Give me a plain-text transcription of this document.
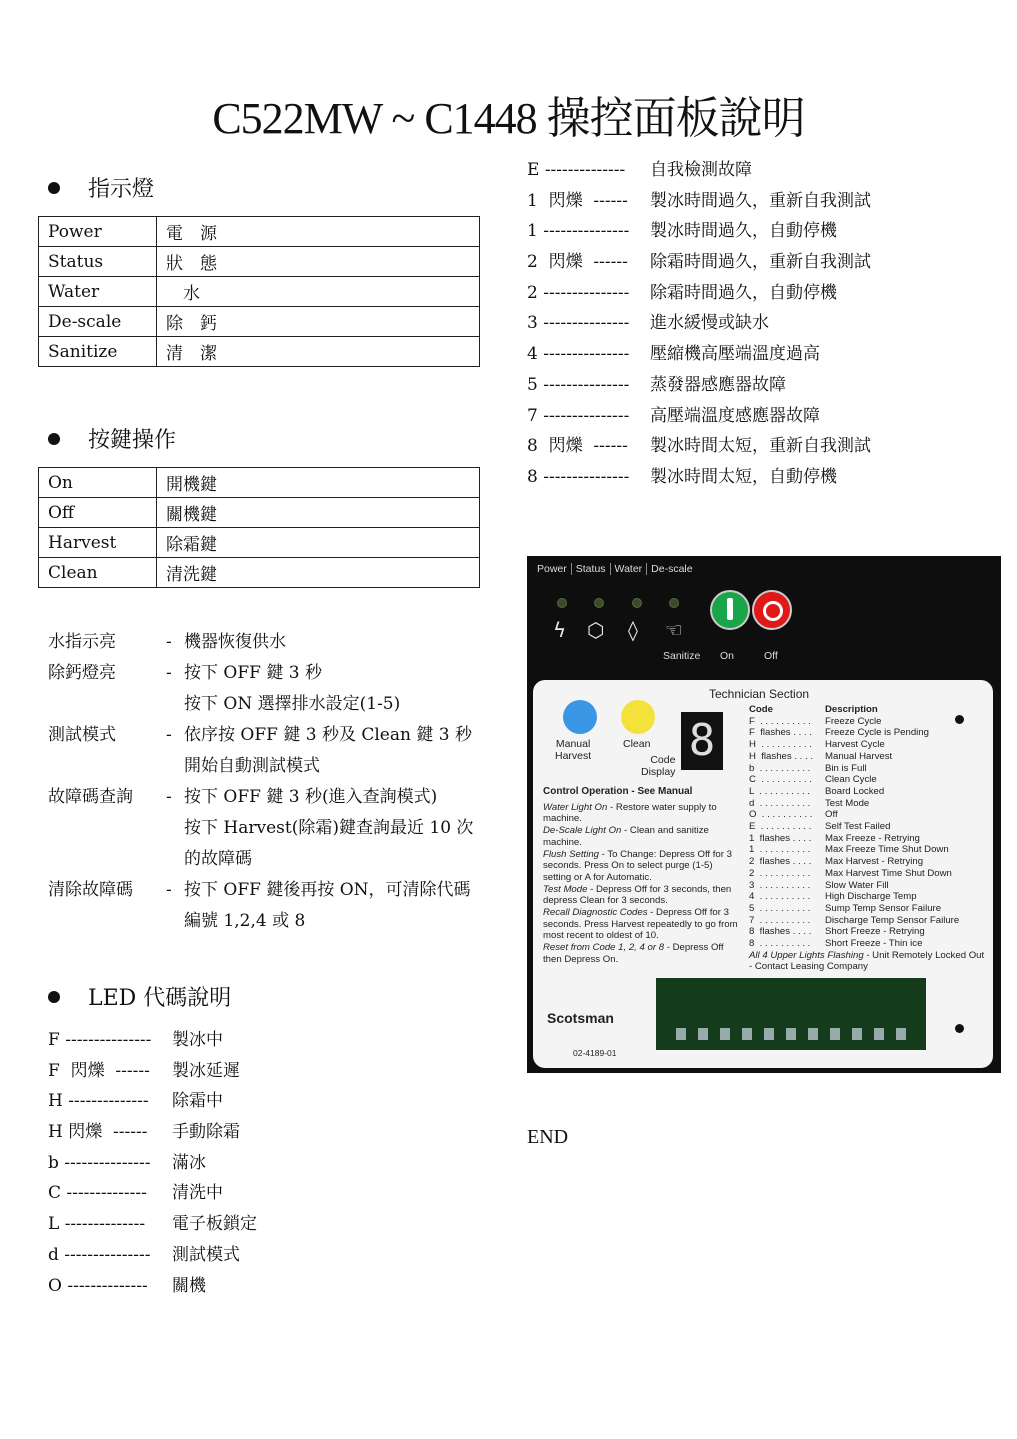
C522MW ~ C1448 操控面板說明
指示燈
Power	電　源
Status	狀　態
Water	　水
De-scale	除　鈣
Sanitize	清　潔
按鍵操作
On	開機鍵
Off	關機鍵
Harvest	除霜鍵
Clean	清洗鍵
水指示亮	- 機器恢復供水
除鈣燈亮	- 按下 OFF 鍵 3 秒
按下 ON 選擇排水設定(1-5)
測試模式	- 依序按 OFF 鍵 3 秒及 Clean 鍵 3 秒
開始自動測試模式
故障碼查詢	- 按下 OFF 鍵 3 秒(進入查詢模式)
按下 Harvest(除霜)鍵查詢最近 10 次
的故障碼
清除故障碼	- 按下 OFF 鍵後再按 ON，可清除代碼
編號 1,2,4 或 8
LED 代碼說明
F ---------------	製冰中
F  閃爍  ------	製冰延遲
H --------------	除霜中
H 閃爍  ------	手動除霜
b ---------------	滿冰
C --------------	清洗中
L --------------	電子板鎖定
d ---------------	測試模式
O --------------	關機
E --------------	自我檢測故障
1  閃爍  ------	製冰時間過久，重新自我測試
1 ---------------	製冰時間過久，自動停機
2  閃爍  ------	除霜時間過久，重新自我測試
2 ---------------	除霜時間過久，自動停機
3 ---------------	進水緩慢或缺水
4 ---------------	壓縮機高壓端溫度過高
5 ---------------	蒸發器感應器故障
7 ---------------	高壓端溫度感應器故障
8  閃爍  ------	製冰時間太短，重新自我測試
8 ---------------	製冰時間太短，自動停機
Power Status Water De-scale
ϟ ⬡ ◊ ☜
Sanitize On	Off
Technician Section
Manual
Harvest
Clean 8
Code
Display
Control Operation - See Manual
Water Light On - Restore water supply to machine.
De-Scale Light On - Clean and sanitize machine.
Flush Setting - To Change: Depress Off for 3 seconds. Press On to select purge (1-5) setting or A for Automatic.
Test Mode - Depress Off for 3 seconds, then depress Clean for 3 seconds.
Recall Diagnostic Codes - Depress Off for 3 seconds. Press Harvest repeatedly to go from most recent to oldest of 10.
Reset from Code 1, 2, 4 or 8 - Depress Off then Depress On.
Code	Description
F  . . . . . . . . . .	Freeze Cycle
F  flashes . . . .	Freeze Cycle is Pending
H  . . . . . . . . . .	Harvest Cycle
H  flashes . . . .	Manual Harvest
b  . . . . . . . . . .	Bin is Full
C  . . . . . . . . . .	Clean Cycle
L  . . . . . . . . . .	Board Locked
d  . . . . . . . . . .	Test Mode
O  . . . . . . . . . .	Off
E  . . . . . . . . . .	Self Test Failed
1  flashes . . . .	Max Freeze - Retrying
1  . . . . . . . . . .	Max Freeze Time Shut Down
2  flashes . . . .	Max Harvest - Retrying
2  . . . . . . . . . .	Max Harvest Time Shut Down
3  . . . . . . . . . .	Slow Water Fill
4  . . . . . . . . . .	High Discharge Temp
5  . . . . . . . . . .	Sump Temp Sensor Failure
7  . . . . . . . . . .	Discharge Temp Sensor Failure
8  flashes . . . .	Short Freeze - Retrying
8  . . . . . . . . . .	Short Freeze - Thin ice
All 4 Upper Lights Flashing - Unit Remotely Locked Out - Contact Leasing Company
Scotsman
02-4189-01
END
